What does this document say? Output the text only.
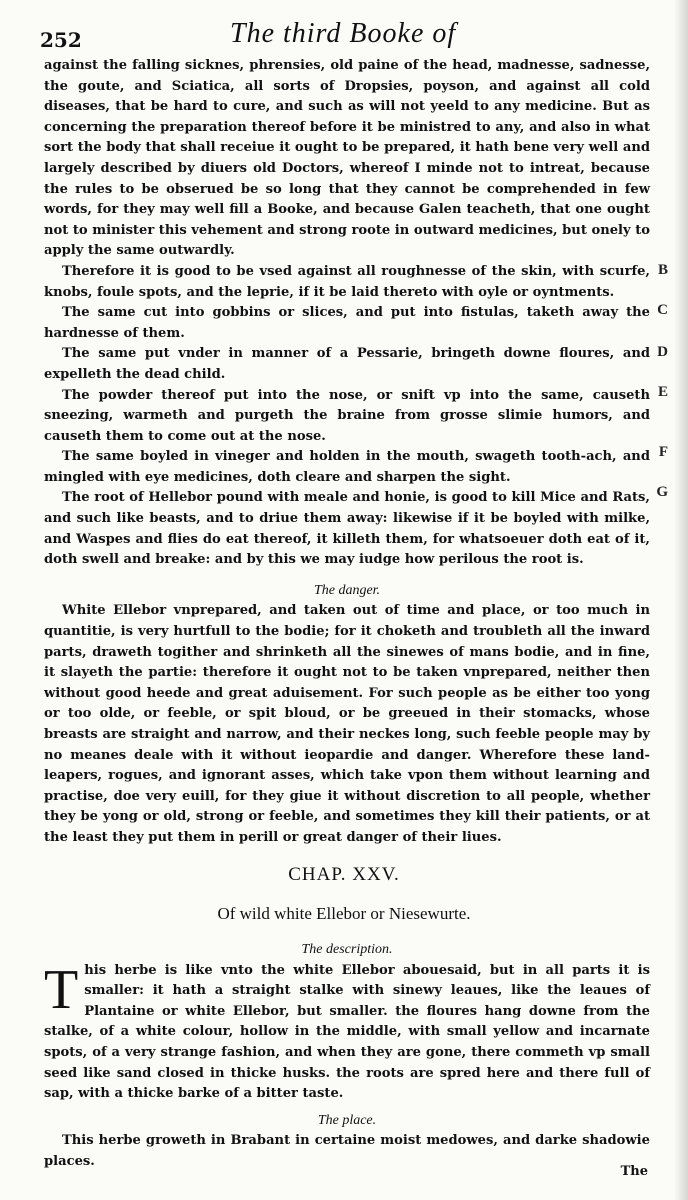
252	The third Booke of

against the falling sicknes, phrensies, old paine of the head, madnesse, sadnesse, the goute, and Sciatica, all sorts of Dropsies, poyson, and against all cold diseases, that be hard to cure, and such as will not yeeld to any medicine. But as concerning the preparation thereof before it be ministred to any, and also in what sort the body that shall receiue it ought to be prepared, it hath bene very well and largely described by diuers old Doctors, whereof I minde not to intreat, because the rules to be obserued be so long that they cannot be comprehended in few words, for they may well fill a Booke, and because Galen teacheth, that one ought not to minister this vehement and strong roote in outward medicines, but onely to apply the same outwardly.

Therefore it is good to be vsed against all roughnesse of the skin, with scurfe, knobs, foule spots, and the leprie, if it be laid thereto with oyle or oyntments.

The same cut into gobbins or slices, and put into fistulas, taketh away the hardnesse of them.

The same put vnder in manner of a Pessarie, bringeth downe floures, and expelleth the dead child.

The powder thereof put into the nose, or snift vp into the same, causeth sneezing, warmeth and purgeth the braine from grosse slimie humors, and causeth them to come out at the nose.

The same boyled in vineger and holden in the mouth, swageth tooth-ach, and mingled with eye medicines, doth cleare and sharpen the sight.

The root of Hellebor pound with meale and honie, is good to kill Mice and Rats, and such like beasts, and to driue them away: likewise if it be boyled with milke, and Waspes and flies do eat thereof, it killeth them, for whatsoeuer doth eat of it, doth swell and breake: and by this we may iudge how perilous the root is.

The danger.

White Ellebor vnprepared, and taken out of time and place, or too much in quantitie, is very hurtfull to the bodie; for it choketh and troubleth all the inward parts, draweth togither and shrinketh all the sinewes of mans bodie, and in fine, it slayeth the partie: therefore it ought not to be taken vnprepared, neither then without good heede and great aduisement. For such people as be either too yong or too olde, or feeble, or spit bloud, or be greeued in their stomacks, whose breasts are straight and narrow, and their neckes long, such feeble people may by no meanes deale with it without ieopardie and danger. Wherefore these land-leapers, rogues, and ignorant asses, which take vpon them without learning and practise, doe very euill, for they giue it without discretion to all people, whether they be yong or old, strong or feeble, and sometimes they kill their patients, or at the least they put them in perill or great danger of their liues.

B
C
D
E
F
G
CHAP. XXV.
Of wild white Ellebor or Niesewurte.

The description.

This herbe is like vnto the white Ellebor abouesaid, but in all parts it is smaller: it hath a straight stalke with sinewy leaues, like the leaues of Plantaine or white Ellebor, but smaller. the floures hang downe from the stalke, of a white colour, hollow in the middle, with small yellow and incarnate spots, of a very strange fashion, and when they are gone, there commeth vp small seed like sand closed in thicke husks. the roots are spred here and there full of sap, with a thicke barke of a bitter taste.

The place.

This herbe groweth in Brabant in certaine moist medowes, and darke shadowie places.

The
